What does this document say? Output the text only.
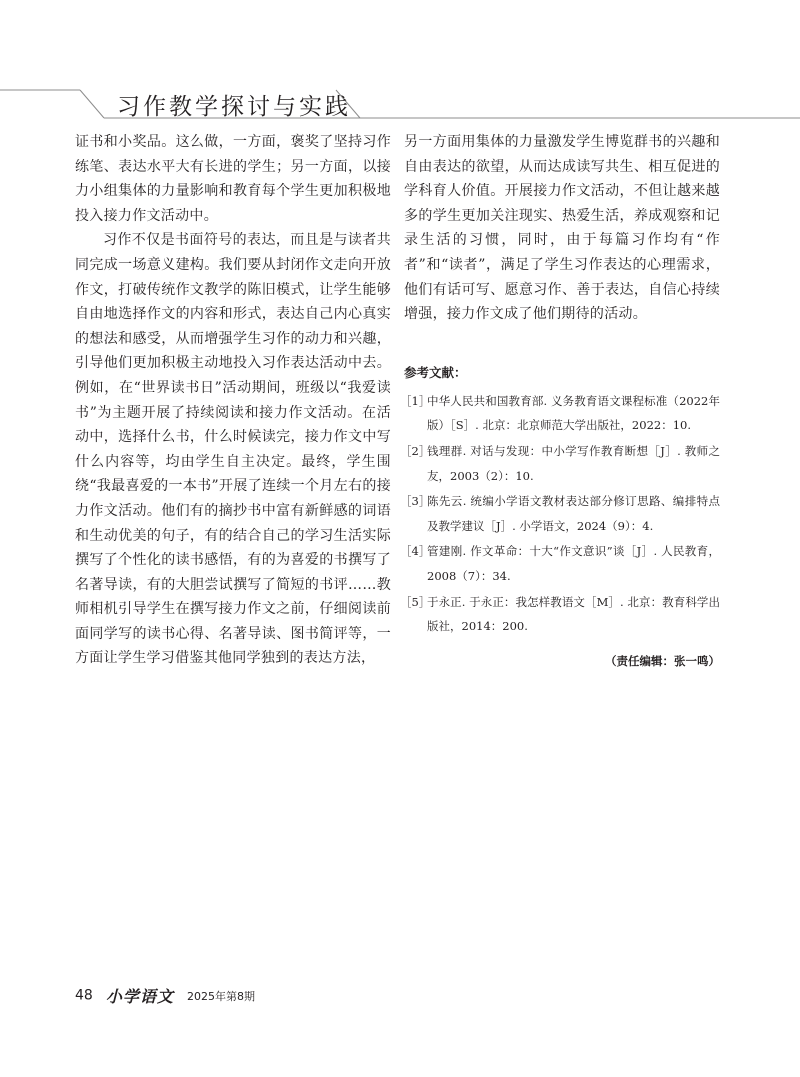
习作教学探讨与实践

证书和小奖品。这么做，一方面，褒奖了坚持习作练笔、表达水平大有长进的学生；另一方面，以接力小组集体的力量影响和教育每个学生更加积极地投入接力作文活动中。

习作不仅是书面符号的表达，而且是与读者共同完成一场意义建构。我们要从封闭作文走向开放作文，打破传统作文教学的陈旧模式，让学生能够自由地选择作文的内容和形式，表达自己内心真实的想法和感受，从而增强学生习作的动力和兴趣，引导他们更加积极主动地投入习作表达活动中去。例如，在“世界读书日”活动期间，班级以“我爱读书”为主题开展了持续阅读和接力作文活动。在活动中，选择什么书，什么时候读完，接力作文中写什么内容等，均由学生自主决定。最终，学生围绕“我最喜爱的一本书”开展了连续一个月左右的接力作文活动。他们有的摘抄书中富有新鲜感的词语和生动优美的句子，有的结合自己的学习生活实际撰写了个性化的读书感悟，有的为喜爱的书撰写了名著导读，有的大胆尝试撰写了简短的书评……教师相机引导学生在撰写接力作文之前，仔细阅读前面同学写的读书心得、名著导读、图书简评等，一方面让学生学习借鉴其他同学独到的表达方法，

另一方面用集体的力量激发学生博览群书的兴趣和自由表达的欲望，从而达成读写共生、相互促进的学科育人价值。开展接力作文活动，不但让越来越多的学生更加关注现实、热爱生活，养成观察和记录生活的习惯，同时，由于每篇习作均有“作者”和“读者”，满足了学生习作表达的心理需求，他们有话可写、愿意习作、善于表达，自信心持续增强，接力作文成了他们期待的活动。

参考文献：
［1］
中华人民共和国教育部. 义务教育语文课程标准（2022年版）［S］. 北京：北京师范大学出版社，2022：10.
［2］
钱理群. 对话与发现：中小学写作教育断想［J］. 教师之友，2003（2）：10.
［3］
陈先云. 统编小学语文教材表达部分修订思路、编排特点及教学建议［J］. 小学语文，2024（9）：4.
［4］
管建刚. 作文革命：十大“作文意识”谈［J］. 人民教育，2008（7）：34.
［5］
于永正. 于永正：我怎样教语文［M］. 北京：教育科学出版社，2014：200.
（责任编辑：张一鸣）
48 小学语文 2025年第8期
